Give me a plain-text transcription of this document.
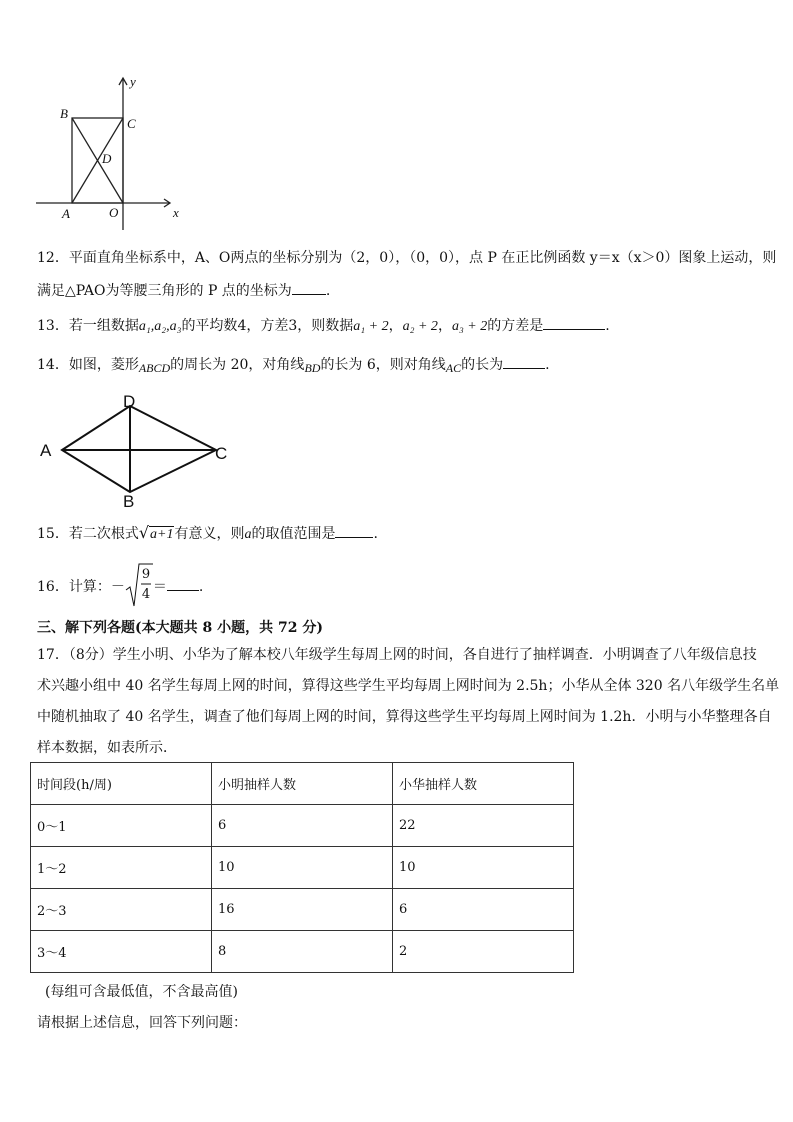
y
x
B
C
D
A	O
12．平面直角坐标系中，A、O两点的坐标分别为（2，0），（0，0），点 P 在正比例函数 y＝x（x＞0）图象上运动，则
满足△PAO为等腰三角形的 P 点的坐标为 .
13．若一组数据a₁,a₂,a₃的平均数4，方差3，则数据a₁ + 2，a₂ + 2，a₃ + 2的方差是	.
14．如图，菱形ABCD的周长为 20，对角线BD的长为 6，则对角线AC的长为	.
A
D
C
B
15．若二次根式√a+1有意义，则a的取值范围是	.
16．计算：－
9
4 ＝ .
三、解下列各题(本大题共 8 小题，共 72 分)
17．（8分）学生小明、小华为了解本校八年级学生每周上网的时间，各自进行了抽样调查．小明调查了八年级信息技
术兴趣小组中 40 名学生每周上网的时间，算得这些学生平均每周上网时间为 2.5h；小华从全体 320 名八年级学生名单
中随机抽取了 40 名学生，调查了他们每周上网的时间，算得这些学生平均每周上网时间为 1.2h．小明与小华整理各自
样本数据，如表所示．
时间段(h/周)	小明抽样人数	小华抽样人数
0～1	6	22
1～2	10	10
2～3	16	6
3～4	8	2
(每组可含最低值，不含最高值)
请根据上述信息，回答下列问题：
